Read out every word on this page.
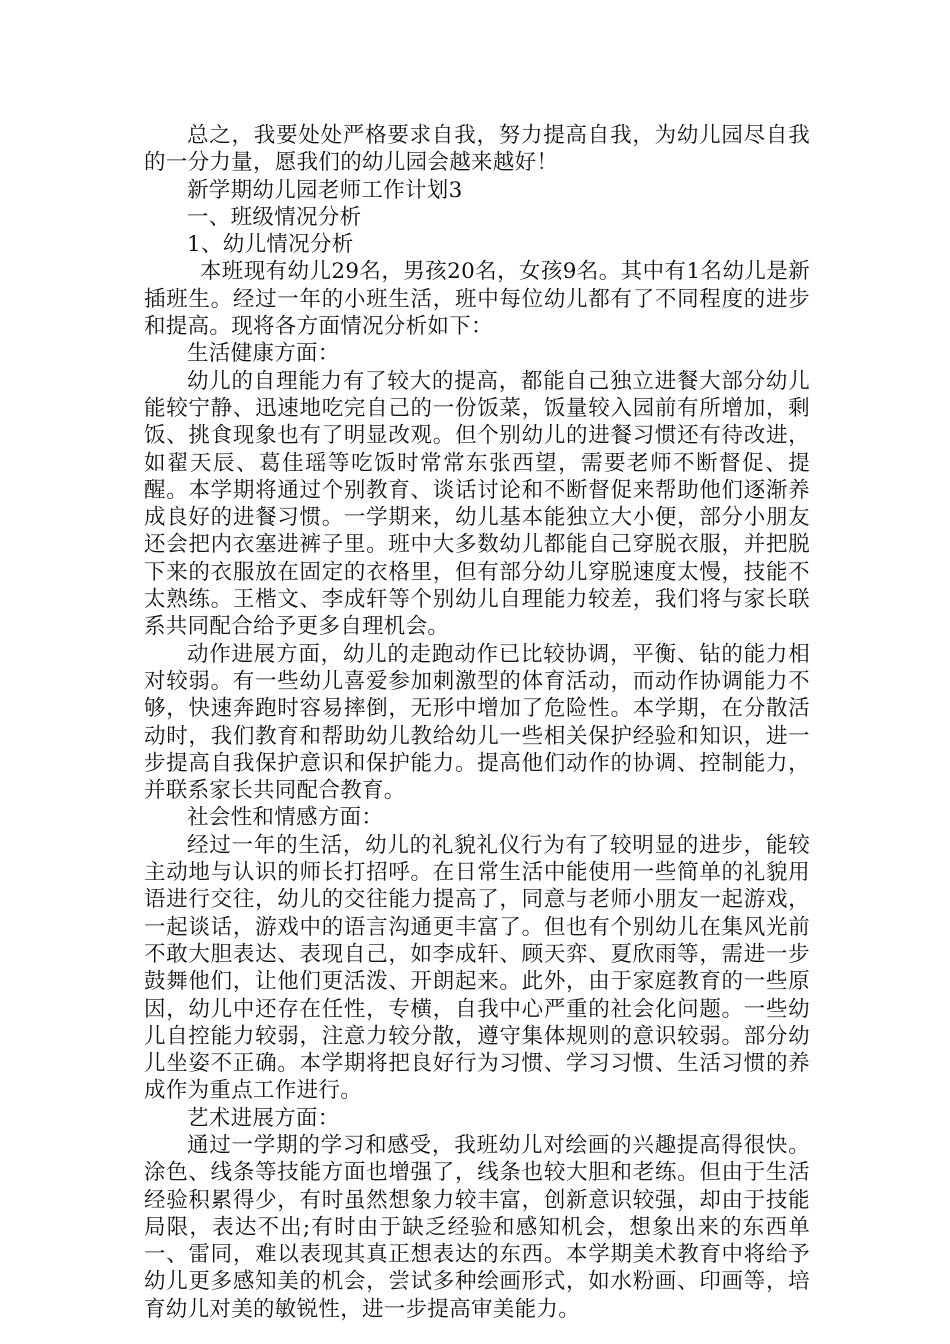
总之，我要处处严格要求自我，努力提高自我，为幼儿园尽自我的一分力量，愿我们的幼儿园会越来越好！

新学期幼儿园老师工作计划3

一、班级情况分析

1、幼儿情况分析

本班现有幼儿29名，男孩20名，女孩9名。其中有1名幼儿是新插班生。经过一年的小班生活，班中每位幼儿都有了不同程度的进步和提高。现将各方面情况分析如下：

生活健康方面：

幼儿的自理能力有了较大的提高，都能自己独立进餐大部分幼儿能较宁静、迅速地吃完自己的一份饭菜，饭量较入园前有所增加，剩饭、挑食现象也有了明显改观。但个别幼儿的进餐习惯还有待改进，如翟天辰、葛佳瑶等吃饭时常常东张西望，需要老师不断督促、提醒。本学期将通过个别教育、谈话讨论和不断督促来帮助他们逐渐养成良好的进餐习惯。一学期来，幼儿基本能独立大小便，部分小朋友还会把内衣塞进裤子里。班中大多数幼儿都能自己穿脱衣服，并把脱下来的衣服放在固定的衣格里，但有部分幼儿穿脱速度太慢，技能不太熟练。王楷文、李成轩等个别幼儿自理能力较差，我们将与家长联系共同配合给予更多自理机会。

动作进展方面，幼儿的走跑动作已比较协调，平衡、钻的能力相对较弱。有一些幼儿喜爱参加刺激型的体育活动，而动作协调能力不够，快速奔跑时容易摔倒，无形中增加了危险性。本学期，在分散活动时，我们教育和帮助幼儿教给幼儿一些相关保护经验和知识，进一步提高自我保护意识和保护能力。提高他们动作的协调、控制能力，并联系家长共同配合教育。

社会性和情感方面：

经过一年的生活，幼儿的礼貌礼仪行为有了较明显的进步，能较主动地与认识的师长打招呼。在日常生活中能使用一些简单的礼貌用语进行交往，幼儿的交往能力提高了，同意与老师小朋友一起游戏，一起谈话，游戏中的语言沟通更丰富了。但也有个别幼儿在集风光前不敢大胆表达、表现自己，如李成轩、顾天弈、夏欣雨等，需进一步鼓舞他们，让他们更活泼、开朗起来。此外，由于家庭教育的一些原因，幼儿中还存在任性，专横，自我中心严重的社会化问题。一些幼儿自控能力较弱，注意力较分散，遵守集体规则的意识较弱。部分幼儿坐姿不正确。本学期将把良好行为习惯、学习习惯、生活习惯的养成作为重点工作进行。

艺术进展方面：

通过一学期的学习和感受，我班幼儿对绘画的兴趣提高得很快。涂色、线条等技能方面也增强了，线条也较大胆和老练。但由于生活经验积累得少，有时虽然想象力较丰富，创新意识较强，却由于技能局限，表达不出;有时由于缺乏经验和感知机会，想象出来的东西单一、雷同，难以表现其真正想表达的东西。本学期美术教育中将给予幼儿更多感知美的机会，尝试多种绘画形式，如水粉画、印画等，培育幼儿对美的敏锐性，进一步提高审美能力。
